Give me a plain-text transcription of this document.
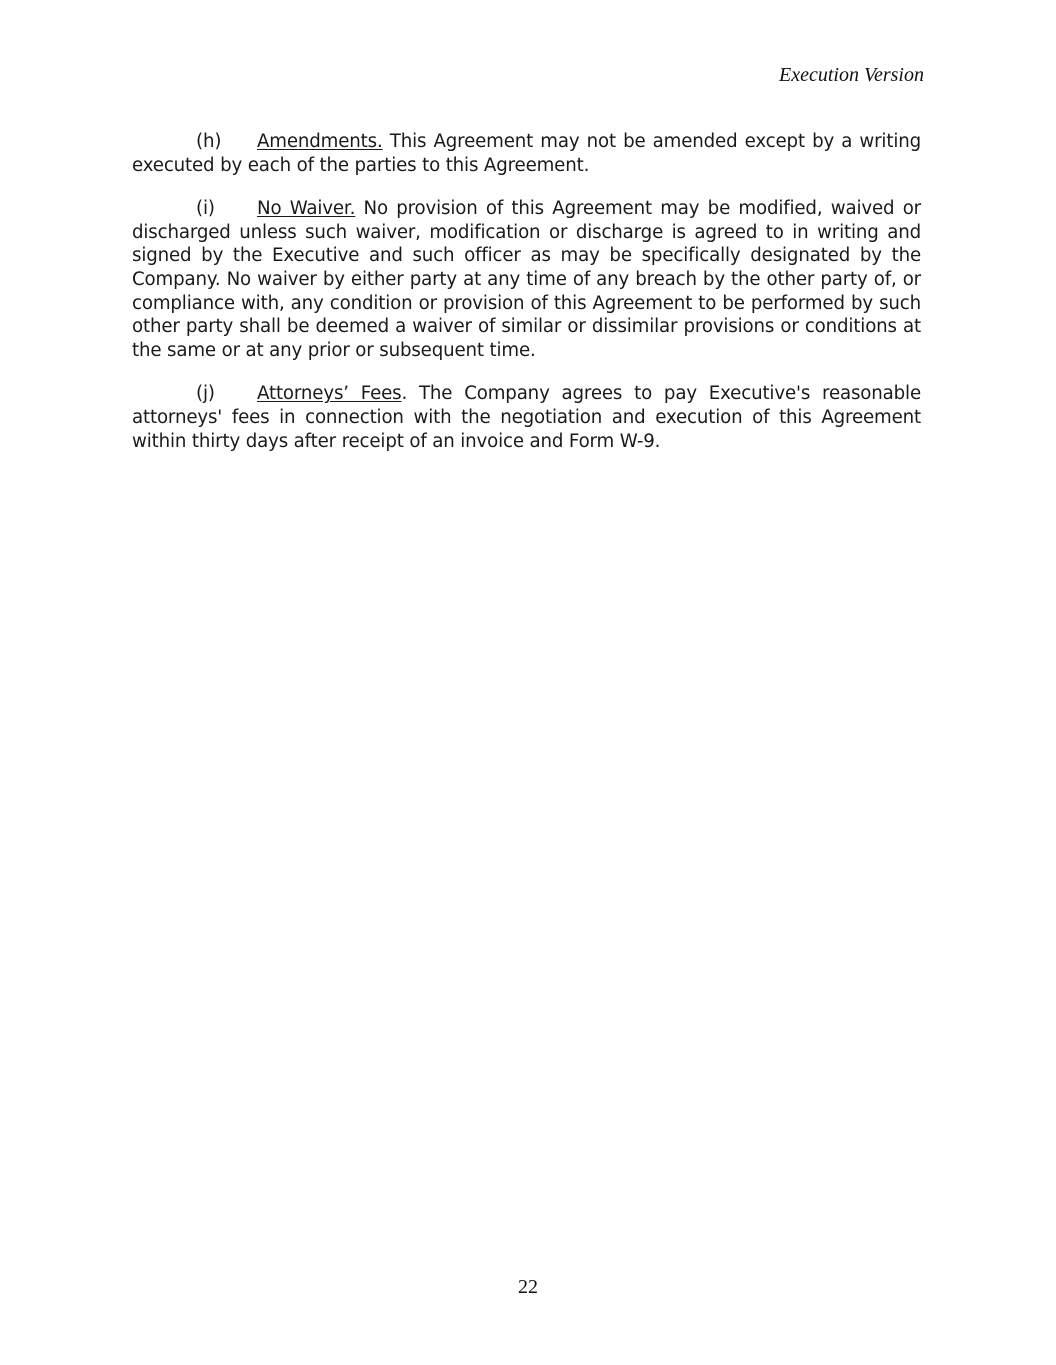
Execution Version

(h) Amendments. This Agreement may not be amended except by a writing executed by each of the parties to this Agreement.

(i) No Waiver. No provision of this Agreement may be modified, waived or discharged unless such waiver, modification or discharge is agreed to in writing and signed by the Executive and such officer as may be specifically designated by the Company. No waiver by either party at any time of any breach by the other party of, or compliance with, any condition or provision of this Agreement to be performed by such other party shall be deemed a waiver of similar or dissimilar provisions or conditions at the same or at any prior or subsequent time.

(j) Attorneys’ Fees. The Company agrees to pay Executive's reasonable attorneys' fees in connection with the negotiation and execution of this Agreement within thirty days after receipt of an invoice and Form W-9.

22
